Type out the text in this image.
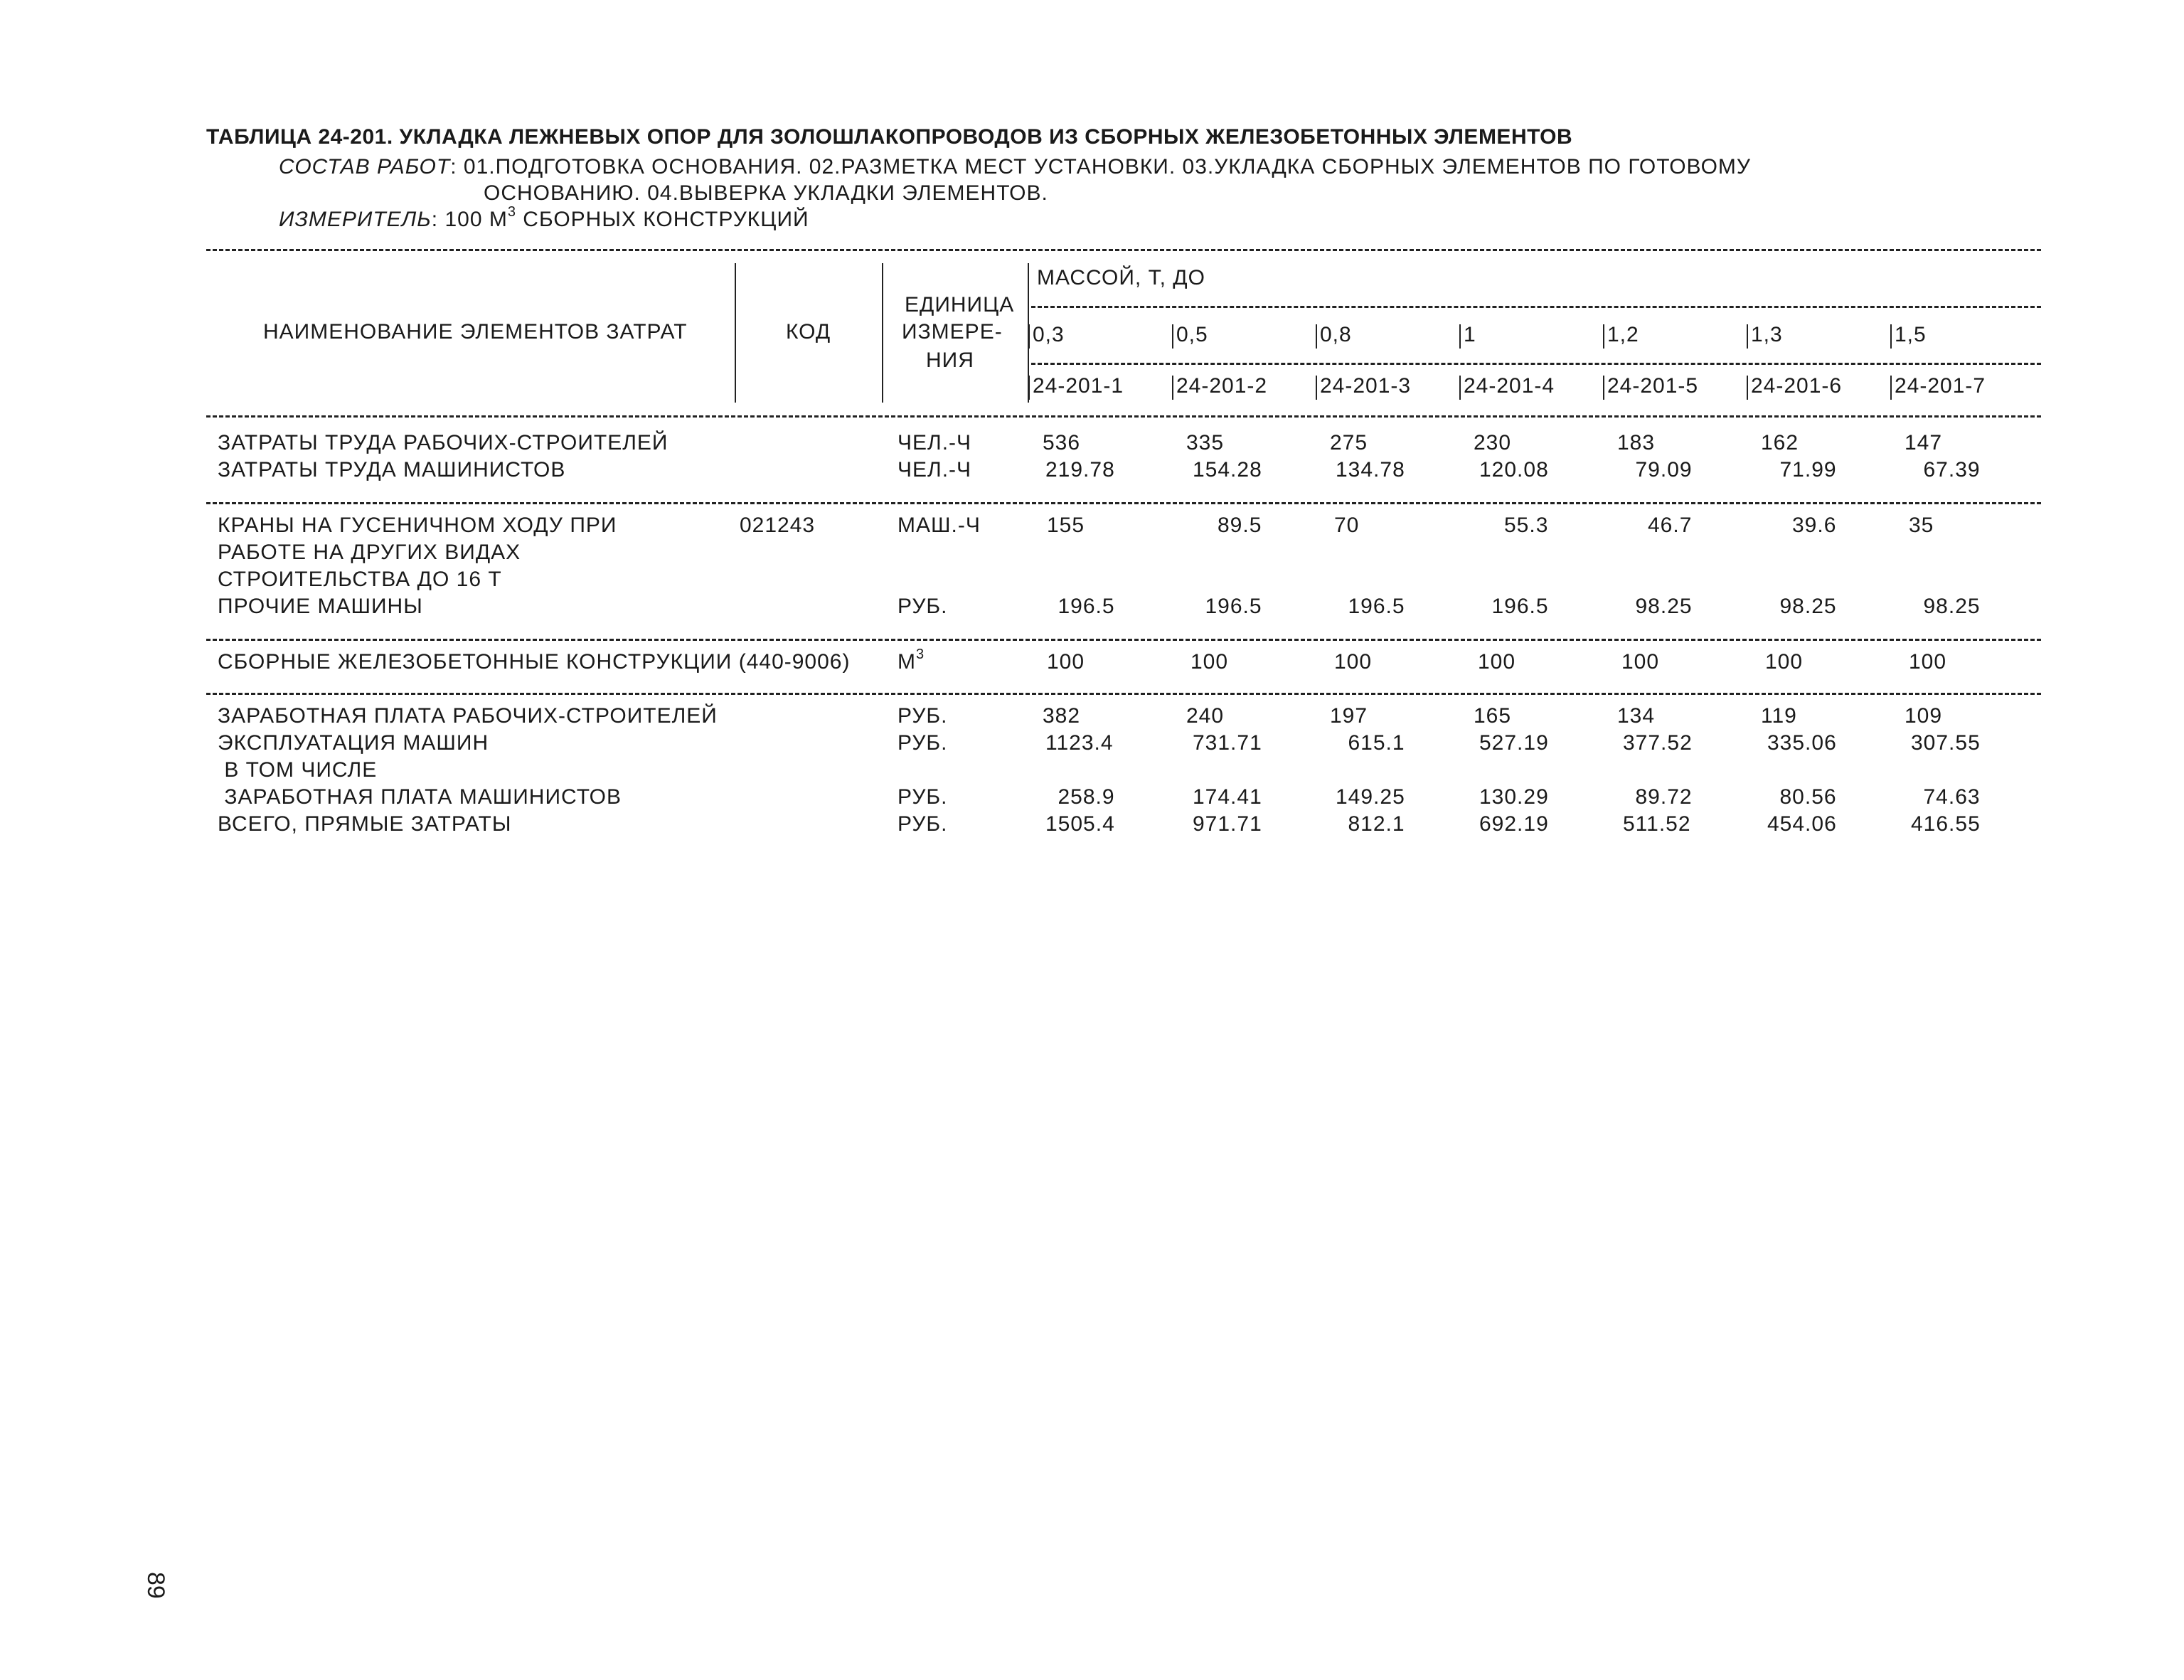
ТАБЛИЦА 24-201. УКЛАДКА ЛЕЖНЕВЫХ ОПОР ДЛЯ ЗОЛОШЛАКОПРОВОДОВ ИЗ СБОРНЫХ ЖЕЛЕЗОБЕТОННЫХ ЭЛЕМЕНТОВ
СОСТАВ РАБОТ: 01.ПОДГОТОВКА ОСНОВАНИЯ. 02.РАЗМЕТКА МЕСТ УСТАНОВКИ. 03.УКЛАДКА СБОРНЫХ ЭЛЕМЕНТОВ ПО ГОТОВОМУ
ОСНОВАНИЮ. 04.ВЫВЕРКА УКЛАДКИ ЭЛЕМЕНТОВ.
ИЗМЕРИТЕЛЬ: 100 $М^3$ СБОРНЫХ КОНСТРУКЦИЙ
НАИМЕНОВАНИЕ ЭЛЕМЕНТОВ ЗАТРАТ	КОД
ЕДИНИЦА
ИЗМЕРЕ-
НИЯ
МАССОЙ, Т, ДО
0,3	0,5	0,8	1	1,2	1,3	1,5
24-201-1 24-201-2 24-201-3 24-201-4 24-201-5 24-201-6 24-201-7
ЗАТРАТЫ ТРУДА РАБОЧИХ-СТРОИТЕЛЕЙ	ЧЕЛ.-Ч	536	335	275	230	183	162	147
ЗАТРАТЫ ТРУДА МАШИНИСТОВ	ЧЕЛ.-Ч	219.78	154.28	134.78	120.08	79.09	71.99	67.39
КРАНЫ НА ГУСЕНИЧНОМ ХОДУ ПРИ	021243	МАШ.-Ч	155	89.5	70	55.3	46.7	39.6	35
РАБОТЕ НА ДРУГИХ ВИДАХ
СТРОИТЕЛЬСТВА ДО 16 Т
ПРОЧИЕ МАШИНЫ	РУБ.	196.5	196.5	196.5	196.5	98.25	98.25	98.25
СБОРНЫЕ ЖЕЛЕЗОБЕТОННЫЕ КОНСТРУКЦИИ (440-9006) $М^3$	100	100	100	100	100	100	100
ЗАРАБОТНАЯ ПЛАТА РАБОЧИХ-СТРОИТЕЛЕЙ	РУБ.	382	240	197	165	134	119	109
ЭКСПЛУАТАЦИЯ МАШИН	РУБ.	1123.4	731.71	615.1	527.19	377.52	335.06	307.55
В ТОМ ЧИСЛЕ
ЗАРАБОТНАЯ ПЛАТА МАШИНИСТОВ	РУБ.	258.9	174.41	149.25	130.29	89.72	80.56	74.63
ВСЕГО, ПРЯМЫЕ ЗАТРАТЫ	РУБ.	1505.4	971.71	812.1	692.19	511.52	454.06	416.55
89
